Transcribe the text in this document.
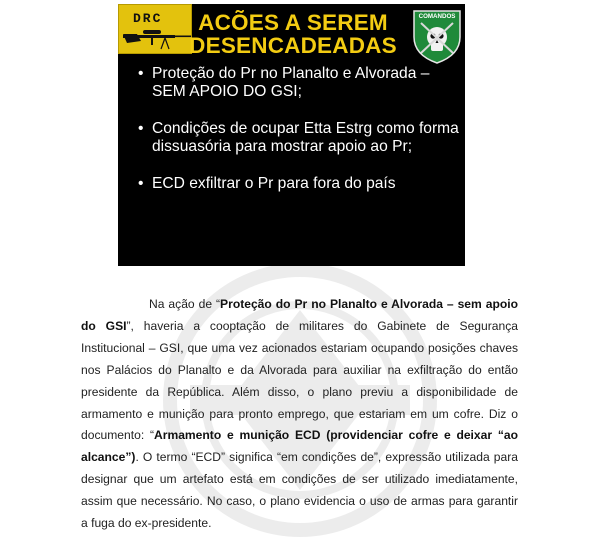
DRC	ACÕES A SEREM
DESENCADEADAS
COMANDOS
• Proteção do Pr no Planalto e Alvorada – SEM APOIO DO GSI;
• Condições de ocupar Etta Estrg como forma dissuasória para mostrar apoio ao Pr;
• ECD exfiltrar o Pr para fora do país

Na ação de “Proteção do Pr no Planalto e Alvorada – sem apoio do GSI”, haveria a cooptação de militares do Gabinete de Segurança Institucional – GSI, que uma vez acionados estariam ocupando posições chaves nos Palácios do Planalto e da Alvorada para auxiliar na exfiltração do então presidente da República. Além disso, o plano previu a disponibilidade de armamento e munição para pronto emprego, que estariam em um cofre. Diz o documento: “Armamento e munição ECD (providenciar cofre e deixar “ao alcance”). O termo “ECD” significa “em condições de”, expressão utilizada para designar que um artefato está em condições de ser utilizado imediatamente, assim que necessário. No caso, o plano evidencia o uso de armas para garantir a fuga do ex-presidente.
